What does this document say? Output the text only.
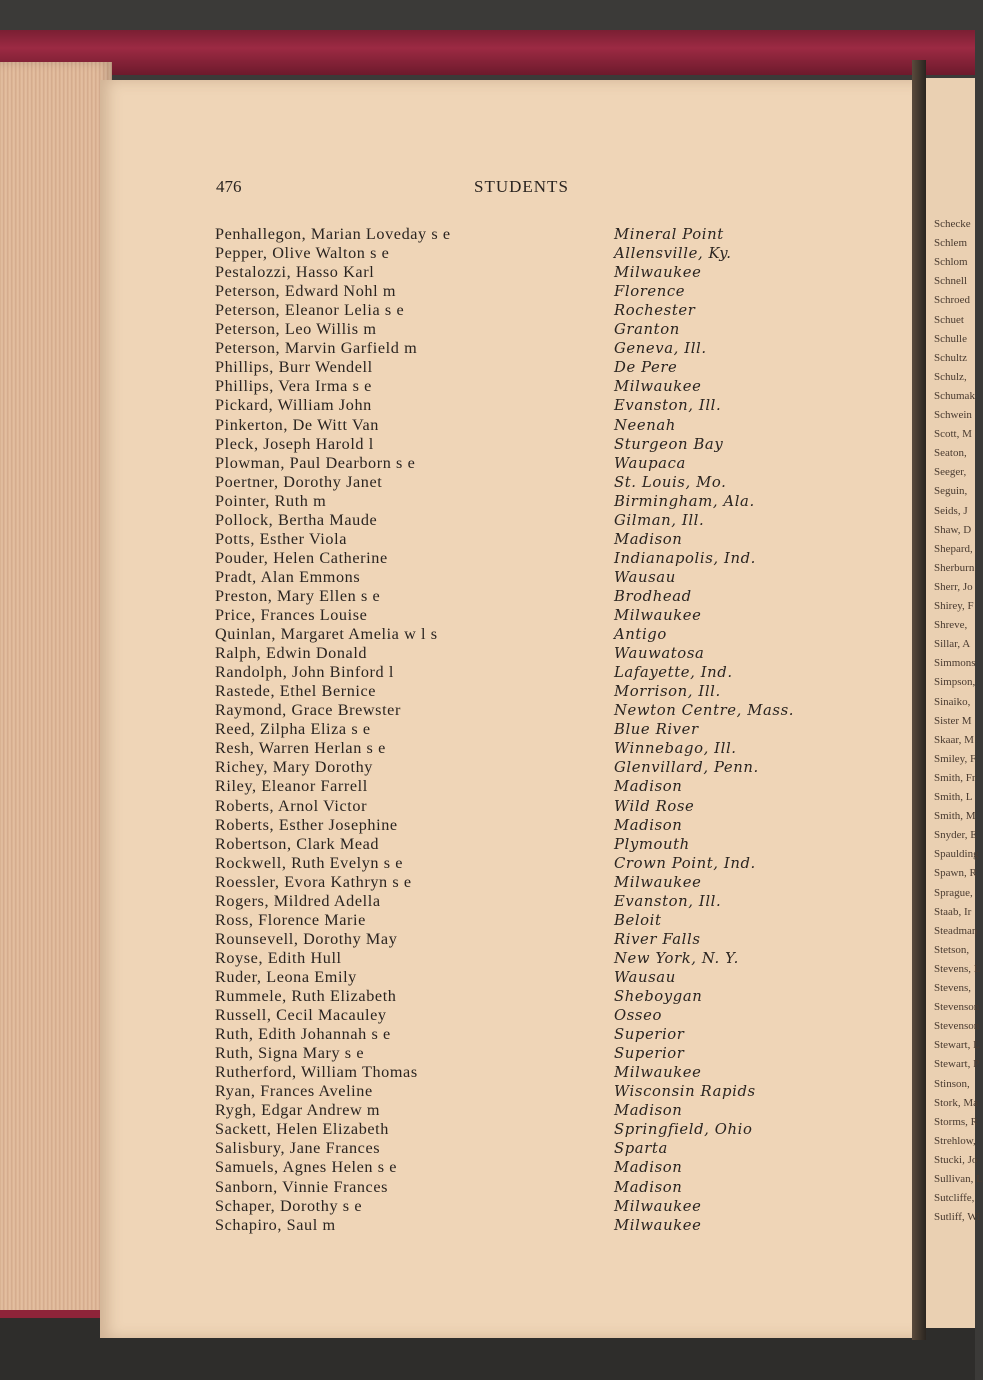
Schecke
Schlem
Schlom
Schnell
Schroed
Schuet
Schulle
Schultz
Schulz,
Schumak
Schwein
Scott, M
Seaton,
Seeger,
Seguin,
Seids, J
Shaw, D
Shepard,
Sherburn
Sherr, Jo
Shirey, F
Shreve,
Sillar, A
Simmons
Simpson,
Sinaiko,
Sister M
Skaar, M
Smiley, F
Smith, Fr
Smith, L
Smith, M
Snyder, E
Spaulding
Spawn, R
Sprague,
Staab, Ir
Steadman
Stetson,
Stevens, L
Stevens,
Stevenson
Stevenson
Stewart, L
Stewart, P
Stinson,
Stork, Ma
Storms, R
Strehlow,
Stucki, Jo
Sullivan, L
Sutcliffe,
Sutliff, Wi
476	STUDENTS
Penhallegon, Marian Loveday s e	Mineral Point
Pepper, Olive Walton s e	Allensville, Ky.
Pestalozzi, Hasso Karl	Milwaukee
Peterson, Edward Nohl m	Florence
Peterson, Eleanor Lelia s e	Rochester
Peterson, Leo Willis m	Granton
Peterson, Marvin Garfield m	Geneva, Ill.
Phillips, Burr Wendell	De Pere
Phillips, Vera Irma s e	Milwaukee
Pickard, William John	Evanston, Ill.
Pinkerton, De Witt Van	Neenah
Pleck, Joseph Harold l	Sturgeon Bay
Plowman, Paul Dearborn s e	Waupaca
Poertner, Dorothy Janet	St. Louis, Mo.
Pointer, Ruth m	Birmingham, Ala.
Pollock, Bertha Maude	Gilman, Ill.
Potts, Esther Viola	Madison
Pouder, Helen Catherine	Indianapolis, Ind.
Pradt, Alan Emmons	Wausau
Preston, Mary Ellen s e	Brodhead
Price, Frances Louise	Milwaukee
Quinlan, Margaret Amelia w l s	Antigo
Ralph, Edwin Donald	Wauwatosa
Randolph, John Binford l	Lafayette, Ind.
Rastede, Ethel Bernice	Morrison, Ill.
Raymond, Grace Brewster	Newton Centre, Mass.
Reed, Zilpha Eliza s e	Blue River
Resh, Warren Herlan s e	Winnebago, Ill.
Richey, Mary Dorothy	Glenvillard, Penn.
Riley, Eleanor Farrell	Madison
Roberts, Arnol Victor	Wild Rose
Roberts, Esther Josephine	Madison
Robertson, Clark Mead	Plymouth
Rockwell, Ruth Evelyn s e	Crown Point, Ind.
Roessler, Evora Kathryn s e	Milwaukee
Rogers, Mildred Adella	Evanston, Ill.
Ross, Florence Marie	Beloit
Rounsevell, Dorothy May	River Falls
Royse, Edith Hull	New York, N. Y.
Ruder, Leona Emily	Wausau
Rummele, Ruth Elizabeth	Sheboygan
Russell, Cecil Macauley	Osseo
Ruth, Edith Johannah s e	Superior
Ruth, Signa Mary s e	Superior
Rutherford, William Thomas	Milwaukee
Ryan, Frances Aveline	Wisconsin Rapids
Rygh, Edgar Andrew m	Madison
Sackett, Helen Elizabeth	Springfield, Ohio
Salisbury, Jane Frances	Sparta
Samuels, Agnes Helen s e	Madison
Sanborn, Vinnie Frances	Madison
Schaper, Dorothy s e	Milwaukee
Schapiro, Saul m	Milwaukee
